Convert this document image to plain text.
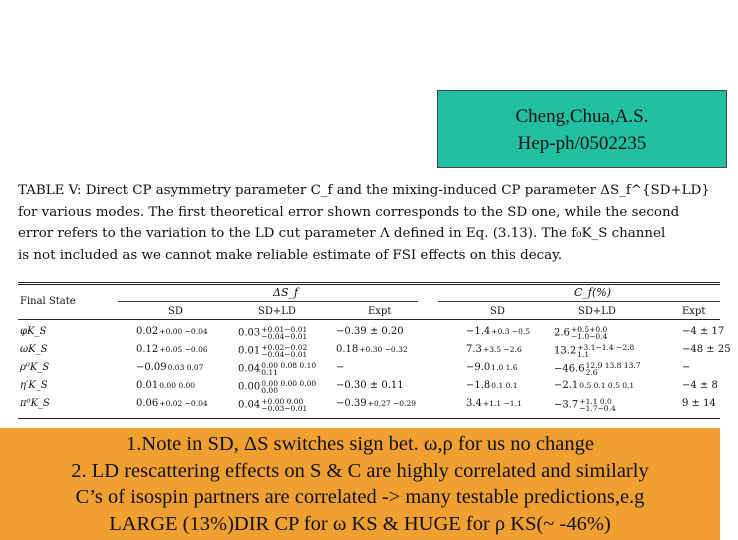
Cheng,Chua,A.S.
Hep-ph/0502235
TABLE V: Direct CP asymmetry parameter C_f and the mixing-induced CP parameter ΔS_f^{SD+LD}
for various modes. The first theoretical error shown corresponds to the SD one, while the second
error refers to the variation to the LD cut parameter Λ defined in Eq. (3.13). The f₀K_S channel
is not included as we cannot make reliable estimate of FSI effects on this decay.
ΔS_f	C_f(%)
Final State
SD	SD+LD	Expt	SD	SD+LD	Expt
φK_S	0.02+0.00 −0.04	0.03+0.01−0.01 −0.04−0.01	−0.39 ± 0.20	−1.4+0.3 −0.5 2.6+0.5+0.0 −1.0−0.4	−4 ± 17
ωK_S	0.12+0.05 −0.06	0.01+0.02−0.02 −0.04−0.01	0.18+0.30 −0.32	7.3+3.5 −2.6	13.2+3.1−1.4 −2.8 1.1	−48 ± 25
ρ⁰K_S	−0.090.03 0.07	0.040.00 0.08 0.10 0.11	−	−9.01.0 1.6	−46.612.9 13.8 13.7 2.6	−
η′K_S	0.010.00 0.00	0.000.00 0.00 0.00 0.00	−0.30 ± 0.11	−1.80.1 0.1	−2.10.5 0.1 0.5 0.1	−4 ± 8
π⁰K_S	0.06+0.02 −0.04	0.04+0.00 0.00 −0.03−0.01	−0.39+0.27 −0.29	3.4+1.1 −1.1	−3.7+1.1 0.0 −1.7−0.4	9 ± 14
1.Note in SD, ΔS switches sign bet. ω,ρ for us no change
2. LD rescattering effects on S & C are highly correlated and similarly
C’s of isospin partners are correlated -> many testable predictions,e.g
LARGE (13%)DIR CP for ω KS & HUGE for ρ KS(~ -46%)
